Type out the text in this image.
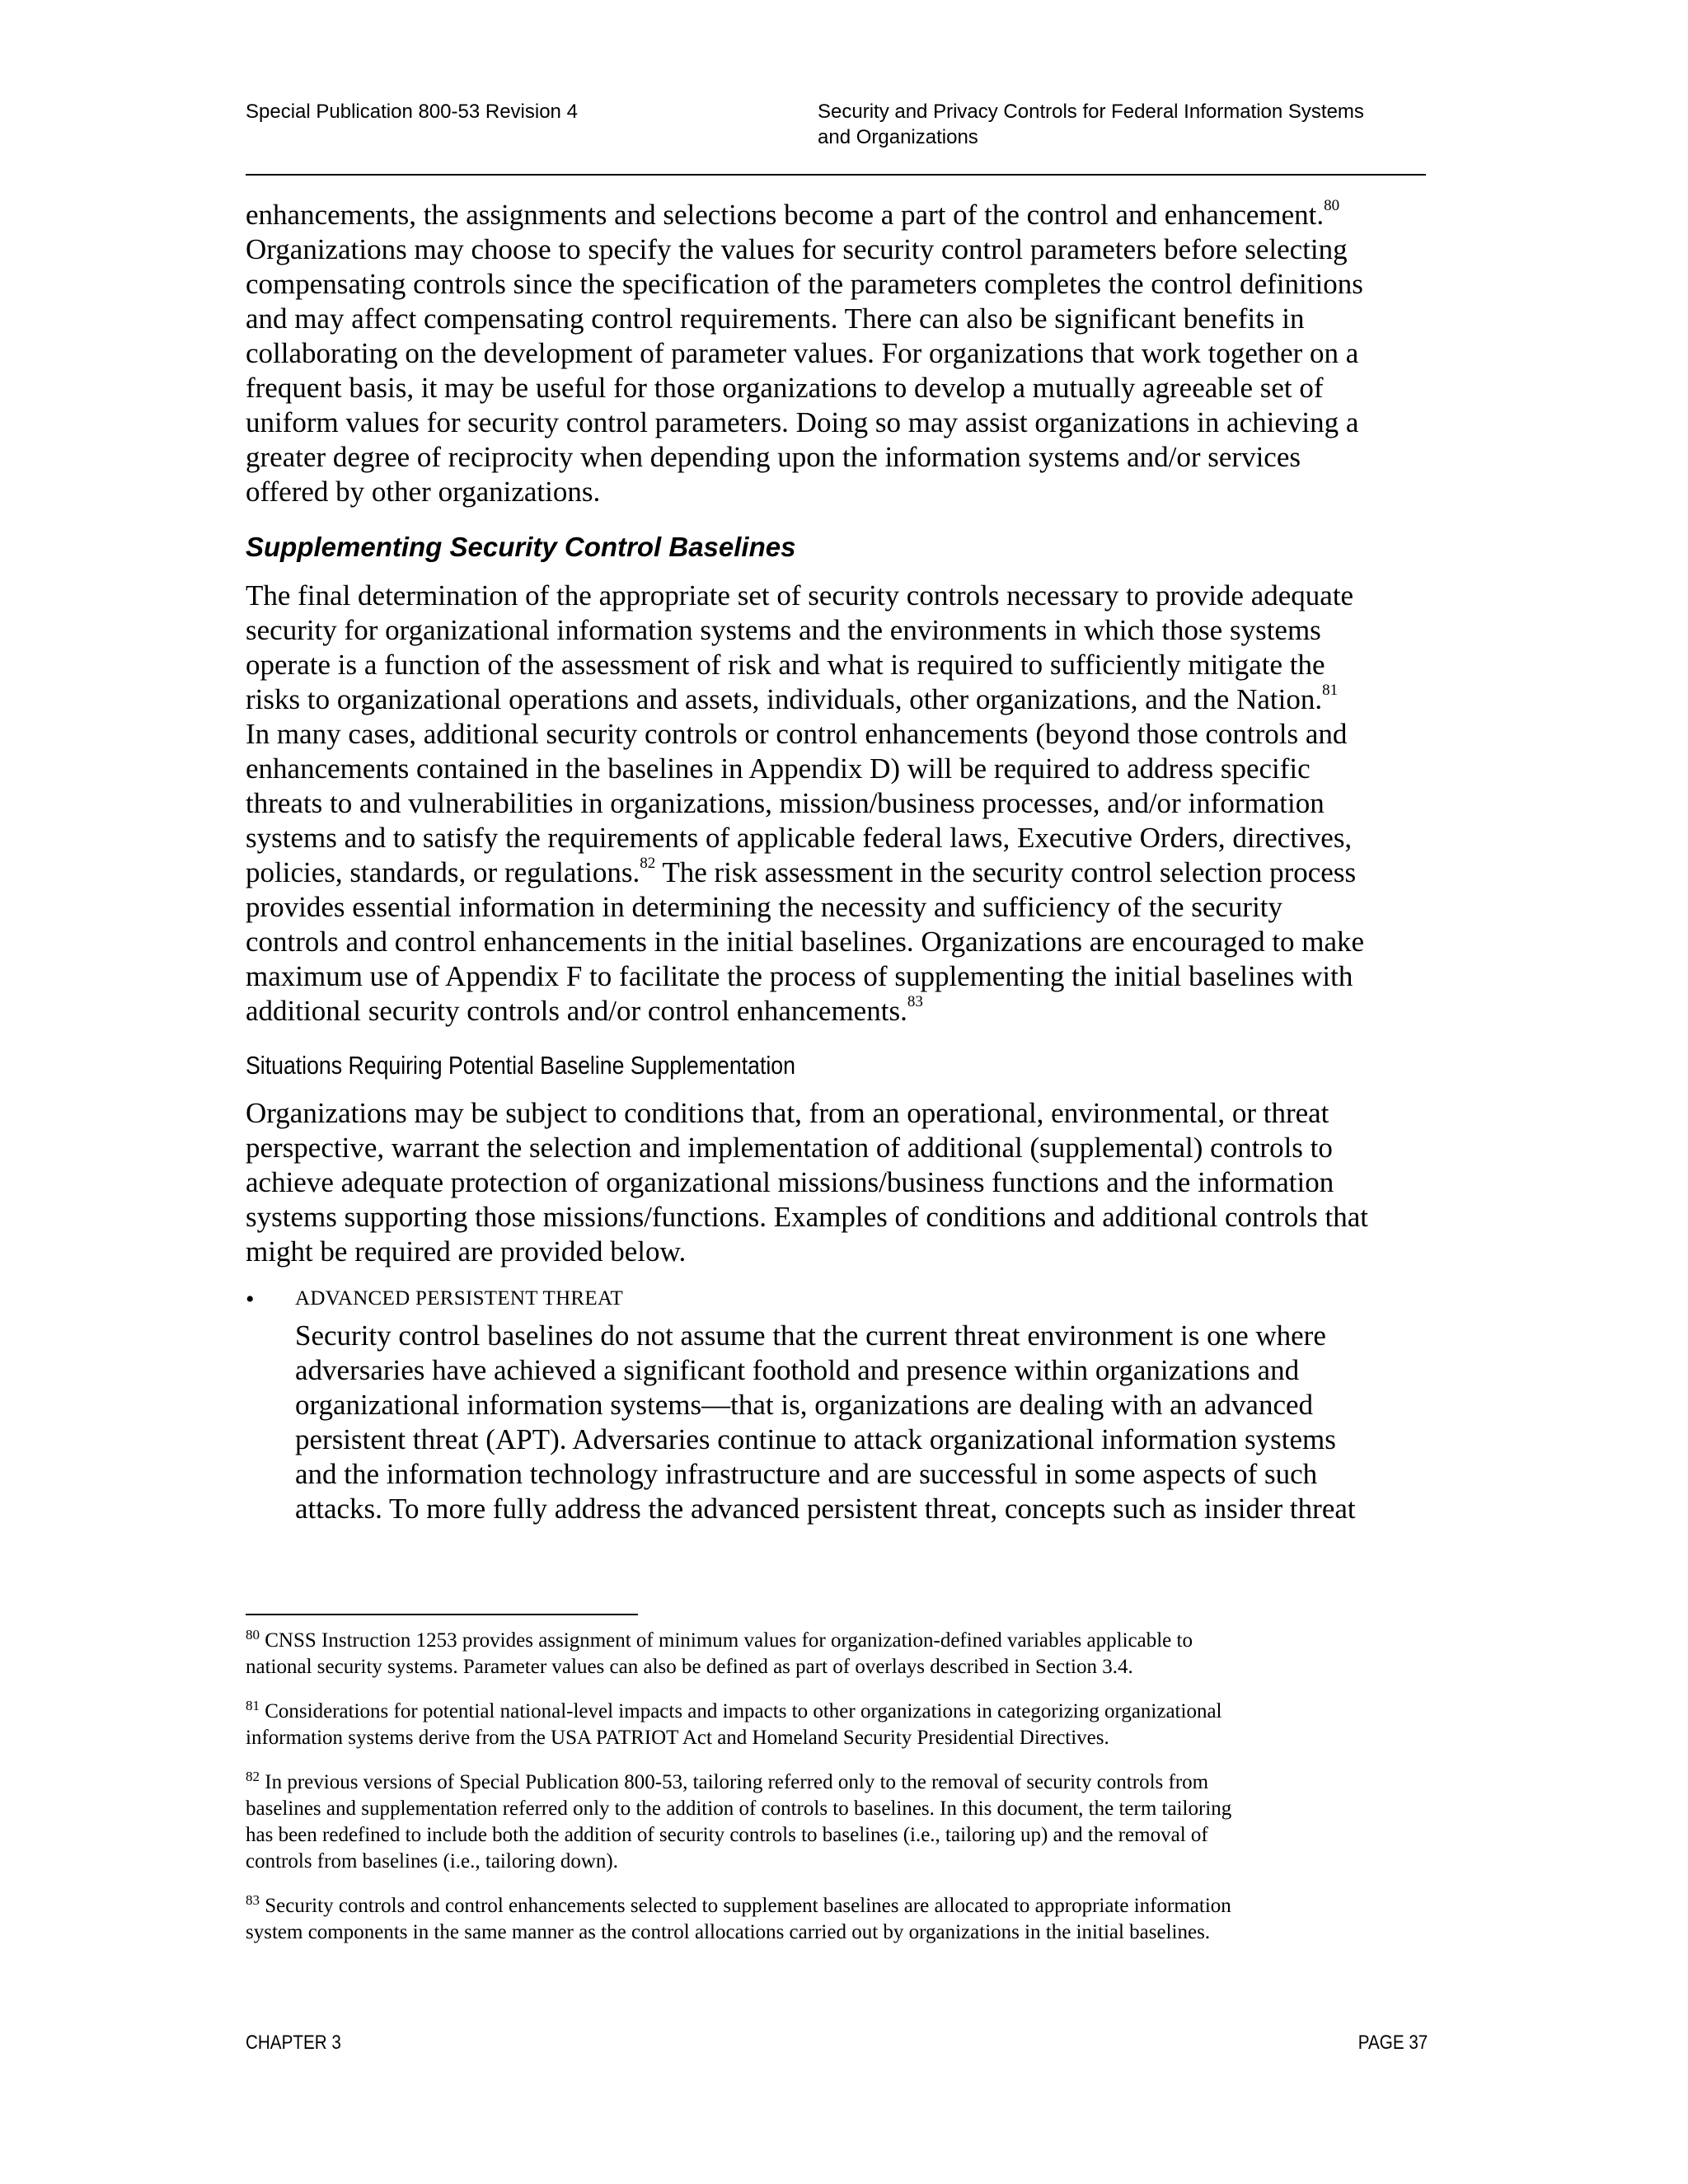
Special Publication 800-53 Revision 4	Security and Privacy Controls for Federal Information Systems
and Organizations
enhancements, the assignments and selections become a part of the control and enhancement.$^{80}$
Organizations may choose to specify the values for security control parameters before selecting
compensating controls since the specification of the parameters completes the control definitions
and may affect compensating control requirements. There can also be significant benefits in
collaborating on the development of parameter values. For organizations that work together on a
frequent basis, it may be useful for those organizations to develop a mutually agreeable set of
uniform values for security control parameters. Doing so may assist organizations in achieving a
greater degree of reciprocity when depending upon the information systems and/or services
offered by other organizations.
Supplementing Security Control Baselines
The final determination of the appropriate set of security controls necessary to provide adequate
security for organizational information systems and the environments in which those systems
operate is a function of the assessment of risk and what is required to sufficiently mitigate the
risks to organizational operations and assets, individuals, other organizations, and the Nation.$^{81}$
In many cases, additional security controls or control enhancements (beyond those controls and
enhancements contained in the baselines in Appendix D) will be required to address specific
threats to and vulnerabilities in organizations, mission/business processes, and/or information
systems and to satisfy the requirements of applicable federal laws, Executive Orders, directives,
policies, standards, or regulations.$^{82}$ The risk assessment in the security control selection process
provides essential information in determining the necessity and sufficiency of the security
controls and control enhancements in the initial baselines. Organizations are encouraged to make
maximum use of Appendix F to facilitate the process of supplementing the initial baselines with
additional security controls and/or control enhancements.$^{83}$
Situations Requiring Potential Baseline Supplementation
Organizations may be subject to conditions that, from an operational, environmental, or threat
perspective, warrant the selection and implementation of additional (supplemental) controls to
achieve adequate protection of organizational missions/business functions and the information
systems supporting those missions/functions. Examples of conditions and additional controls that
might be required are provided below.
• ADVANCED PERSISTENT THREAT
Security control baselines do not assume that the current threat environment is one where
adversaries have achieved a significant foothold and presence within organizations and
organizational information systems—that is, organizations are dealing with an advanced
persistent threat (APT). Adversaries continue to attack organizational information systems
and the information technology infrastructure and are successful in some aspects of such
attacks. To more fully address the advanced persistent threat, concepts such as insider threat
$^{80}$ CNSS Instruction 1253 provides assignment of minimum values for organization-defined variables applicable to
national security systems. Parameter values can also be defined as part of overlays described in Section 3.4.
$^{81}$ Considerations for potential national-level impacts and impacts to other organizations in categorizing organizational
information systems derive from the USA PATRIOT Act and Homeland Security Presidential Directives.
$^{82}$ In previous versions of Special Publication 800-53, tailoring referred only to the removal of security controls from
baselines and supplementation referred only to the addition of controls to baselines. In this document, the term tailoring
has been redefined to include both the addition of security controls to baselines (i.e., tailoring up) and the removal of
controls from baselines (i.e., tailoring down).
$^{83}$ Security controls and control enhancements selected to supplement baselines are allocated to appropriate information
system components in the same manner as the control allocations carried out by organizations in the initial baselines.
CHAPTER 3	PAGE 37
